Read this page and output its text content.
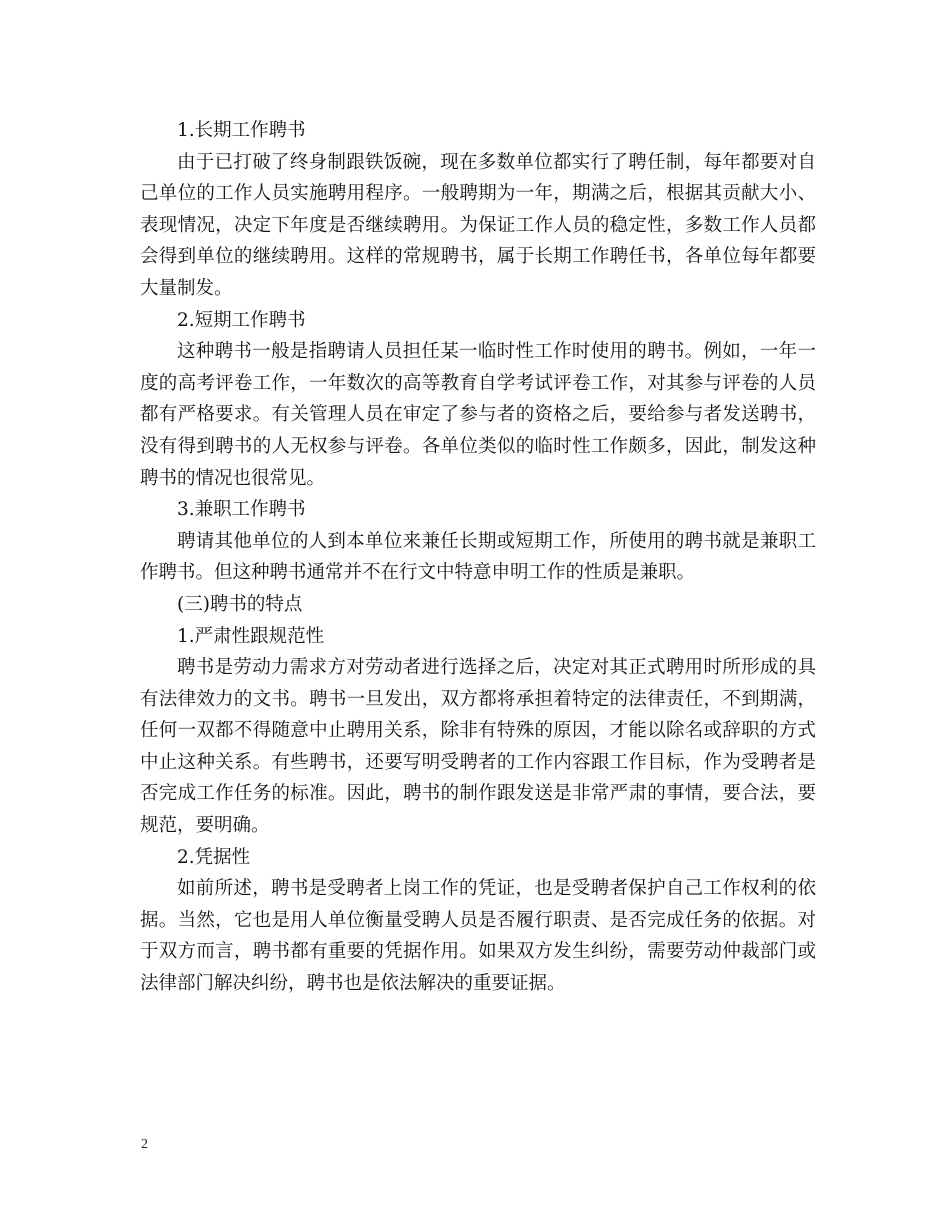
1.长期工作聘书

由于已打破了终身制跟铁饭碗，现在多数单位都实行了聘任制，每年都要对自己单位的工作人员实施聘用程序。一般聘期为一年，期满之后，根据其贡献大小、表现情况，决定下年度是否继续聘用。为保证工作人员的稳定性，多数工作人员都会得到单位的继续聘用。这样的常规聘书，属于长期工作聘任书，各单位每年都要大量制发。

2.短期工作聘书

这种聘书一般是指聘请人员担任某一临时性工作时使用的聘书。例如，一年一度的高考评卷工作，一年数次的高等教育自学考试评卷工作，对其参与评卷的人员都有严格要求。有关管理人员在审定了参与者的资格之后，要给参与者发送聘书，没有得到聘书的人无权参与评卷。各单位类似的临时性工作颇多，因此，制发这种聘书的情况也很常见。

3.兼职工作聘书

聘请其他单位的人到本单位来兼任长期或短期工作，所使用的聘书就是兼职工作聘书。但这种聘书通常并不在行文中特意申明工作的性质是兼职。

(三)聘书的特点

1.严肃性跟规范性

聘书是劳动力需求方对劳动者进行选择之后，决定对其正式聘用时所形成的具有法律效力的文书。聘书一旦发出，双方都将承担着特定的法律责任，不到期满，任何一双都不得随意中止聘用关系，除非有特殊的原因，才能以除名或辞职的方式中止这种关系。有些聘书，还要写明受聘者的工作内容跟工作目标，作为受聘者是否完成工作任务的标准。因此，聘书的制作跟发送是非常严肃的事情，要合法，要规范，要明确。

2.凭据性

如前所述，聘书是受聘者上岗工作的凭证，也是受聘者保护自己工作权利的依据。当然，它也是用人单位衡量受聘人员是否履行职责、是否完成任务的依据。对于双方而言，聘书都有重要的凭据作用。如果双方发生纠纷，需要劳动仲裁部门或法律部门解决纠纷，聘书也是依法解决的重要证据。

2
